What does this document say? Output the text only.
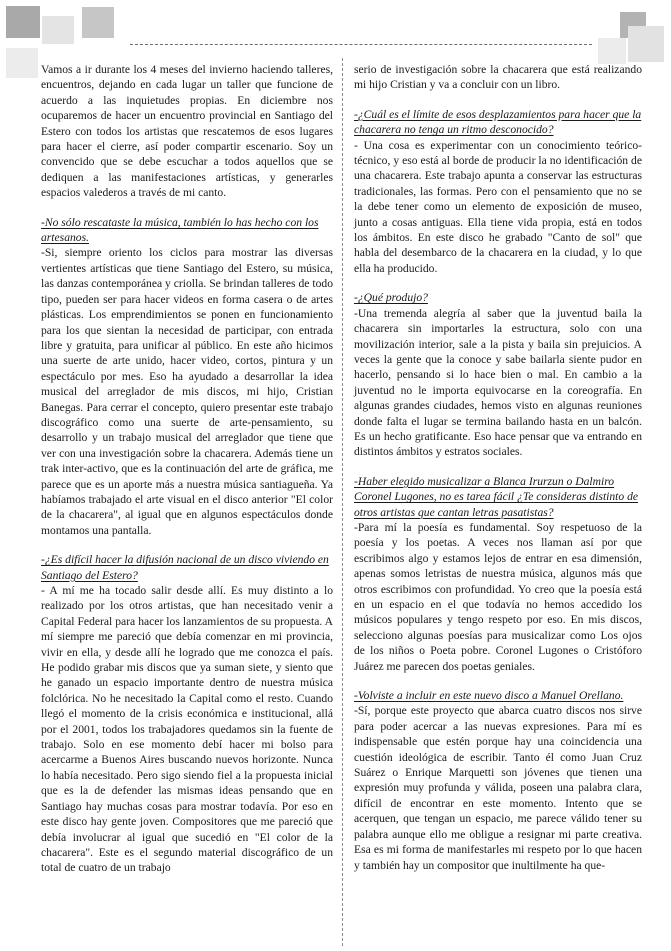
Vamos a ir durante los 4 meses del invierno haciendo talleres, encuentros, dejando en cada lugar un taller que funcione de acuerdo a las inquietudes propias. En diciembre nos ocuparemos de hacer un encuentro provincial en Santiago del Estero con todos los artistas que rescatemos de esos lugares para hacer el cierre, así poder compartir escenario. Soy un convencido que se debe escuchar a todos aquellos que se dediquen a las manifestaciones artísticas, y generarles espacios valederos a través de mi canto.

-No sólo rescataste la música, también lo has hecho con los artesanos.

-Si, siempre oriento los ciclos para mostrar las diversas vertientes artísticas que tiene Santiago del Estero, su música, las danzas contemporánea y criolla. Se brindan talleres de todo tipo, pueden ser para hacer videos en forma casera o de artes plásticas. Los emprendimientos se ponen en funcionamiento para los que sientan la necesidad de participar, con entrada libre y gratuita, para unificar al público. En este año hicimos una suerte de arte unido, hacer video, cortos, pintura y un espectáculo por mes. Eso ha ayudado a desarrollar la idea musical del arreglador de mis discos, mi hijo, Cristian Banegas. Para cerrar el concepto, quiero presentar este trabajo discográfico como una suerte de arte-pensamiento, su desarrollo y un trabajo musical del arreglador que tiene que ver con una investigación sobre la chacarera. Además tiene un trak inter-activo, que es la continuación del arte de gráfica, me parece que es un aporte más a nuestra música santiagueña. Ya habíamos trabajado el arte visual en el disco anterior "El color de la chacarera", al igual que en algunos espectáculos donde montamos una pantalla.

-¿Es difícil hacer la difusión nacional de un disco viviendo en Santiago del Estero?

- A mí me ha tocado salir desde allí. Es muy distinto a lo realizado por los otros artistas, que han necesitado venir a Capital Federal para hacer los lanzamientos de su propuesta. A mí siempre me pareció que debía comenzar en mi provincia, vivir en ella, y desde allí he logrado que me conozca el país. He podido grabar mis discos que ya suman siete, y siento que he ganado un espacio importante dentro de nuestra música folclórica. No he necesitado la Capital como el resto. Cuando llegó el momento de la crisis económica e institucional, allá por el 2001, todos los trabajadores quedamos sin la fuente de trabajo. Solo en ese momento debí hacer mi bolso para acercarme a Buenos Aires buscando nuevos horizonte. Nunca lo había necesitado. Pero sigo siendo fiel a la propuesta inicial que es la de defender las mismas ideas pensando que en Santiago hay muchas cosas para mostrar todavía. Por eso en este disco hay gente joven. Compositores que me pareció que debía involucrar al igual que sucedió en "El color de la chacarera". Este es el segundo material discográfico de un total de cuatro de un trabajo

serio de investigación sobre la chacarera que está realizando mi hijo Cristian y va a concluir con un libro.

-¿Cuál es el límite de esos desplazamientos para hacer que la chacarera no tenga un ritmo desconocido?

- Una cosa es experimentar con un conocimiento teórico-técnico, y eso está al borde de producir la no identificación de una chacarera. Este trabajo apunta a conservar las estructuras tradicionales, las formas. Pero con el pensamiento que no se la debe tener como un elemento de exposición de museo, junto a cosas antiguas. Ella tiene vida propia, está en todos los ámbitos. En este disco he grabado "Canto de sol" que habla del desembarco de la chacarera en la ciudad, y lo que ella ha producido.

-¿Qué produjo?

-Una tremenda alegría al saber que la juventud baila la chacarera sin importarles la estructura, solo con una movilización interior, sale a la pista y baila sin prejuicios. A veces la gente que la conoce y sabe bailarla siente pudor en hacerlo, pensando si lo hace bien o mal. En cambio a la juventud no le importa equivocarse en la coreografía. En algunas grandes ciudades, hemos visto en algunas reuniones donde falta el lugar se termina bailando hasta en un balcón. Es un hecho gratificante. Eso hace pensar que va entrando en distintos ámbitos y estratos sociales.

-Haber elegido musicalizar a Blanca Irurzun o Dalmiro Coronel Lugones, no es tarea fácil ¿Te consideras distinto de otros artistas que cantan letras pasatistas?

-Para mí la poesía es fundamental. Soy respetuoso de la poesía y los poetas. A veces nos llaman así por que escribimos algo y estamos lejos de entrar en esa dimensión, apenas somos letristas de nuestra música, algunos más que otros escribimos con profundidad. Yo creo que la poesía está en un espacio en el que todavía no hemos accedido los músicos populares y tengo respeto por eso. En mis discos, selecciono algunas poesías para musicalizar como Los ojos de los niños o Poeta pobre. Coronel Lugones o Cristóforo Juárez me parecen dos poetas geniales.

-Volviste a incluir en este nuevo disco a Manuel Orellano.

-Sí, porque este proyecto que abarca cuatro discos nos sirve para poder acercar a las nuevas expresiones. Para mí es indispensable que estén porque hay una coincidencia una cuestión ideológica de escribir. Tanto él como Juan Cruz Suárez o Enrique Marquetti son jóvenes que tienen una expresión muy profunda y válida, poseen una palabra clara, difícil de encontrar en este momento. Intento que se acerquen, que tengan un espacio, me parece válido tener su palabra aunque ello me obligue a resignar mi parte creativa. Esa es mi forma de manifestarles mi respeto por lo que hacen y también hay un compositor que inultilmente ha que-
